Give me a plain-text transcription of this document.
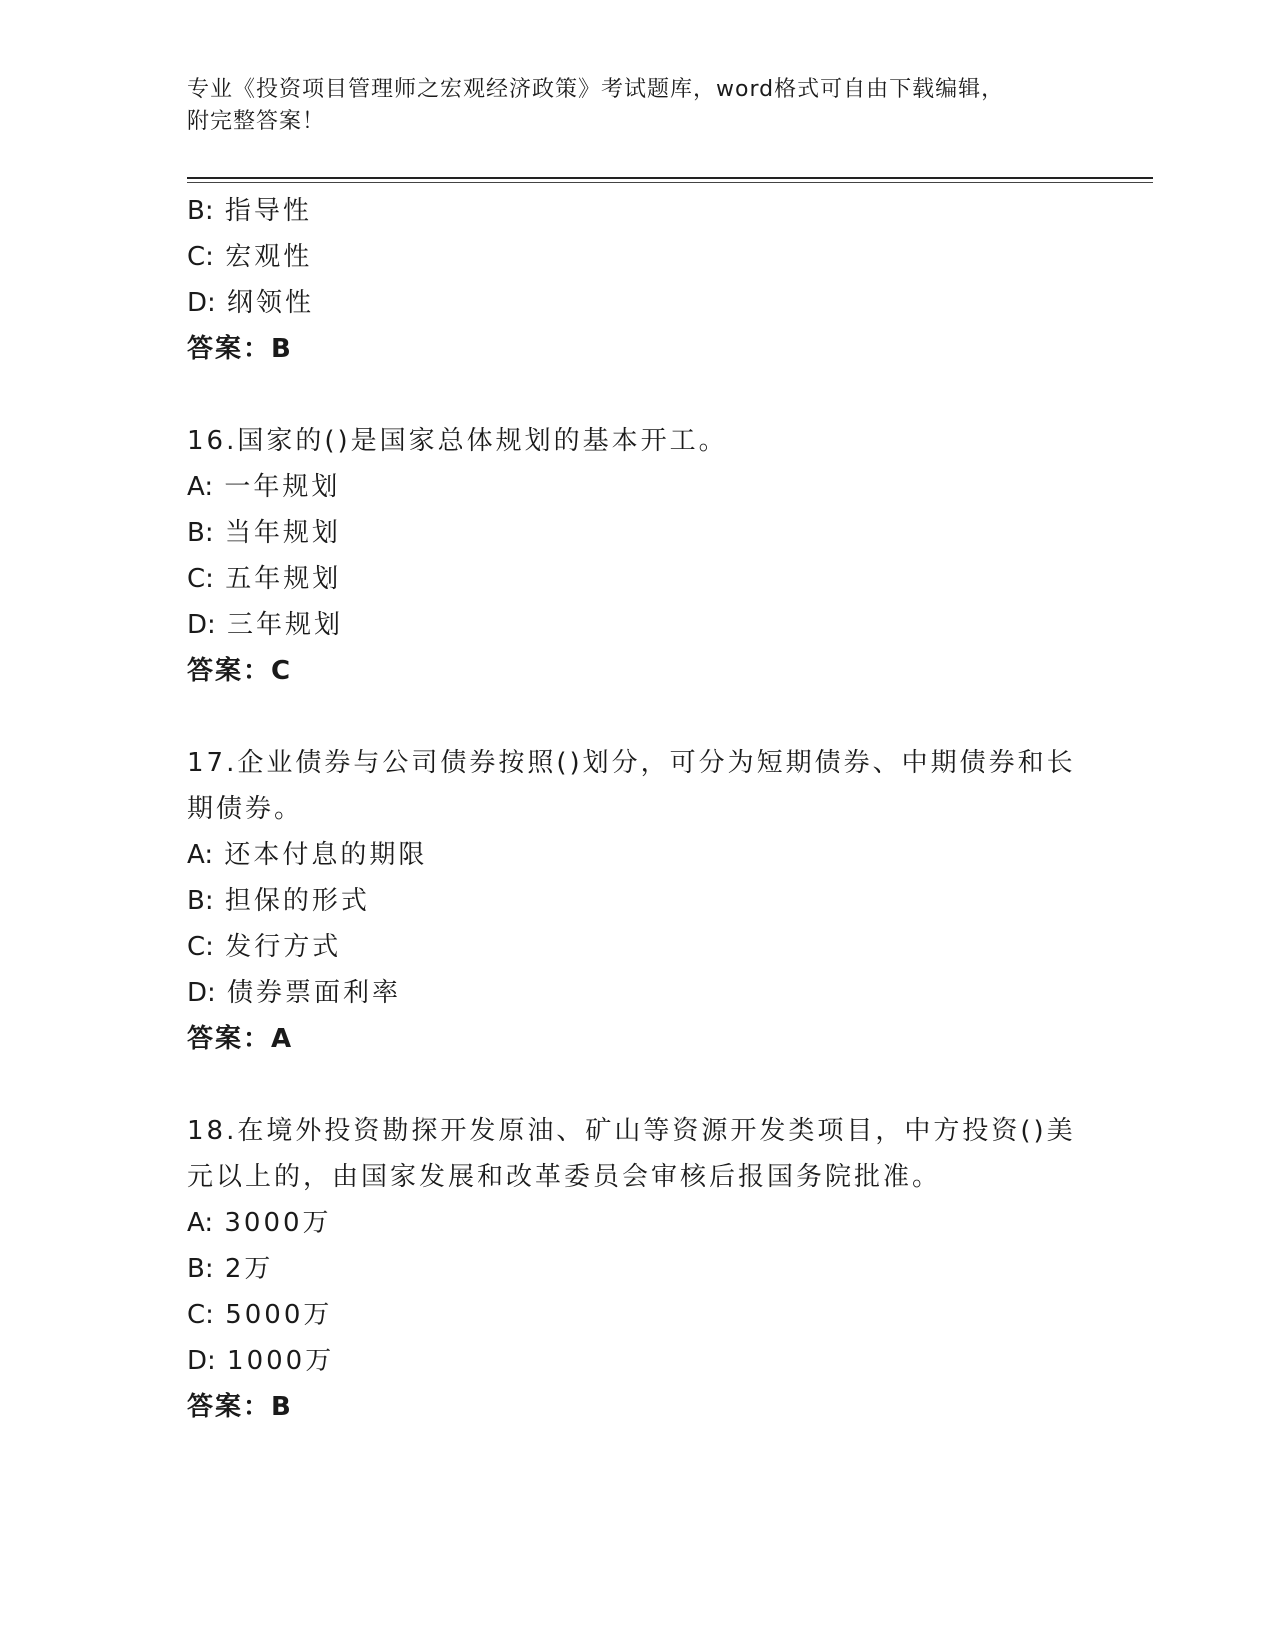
专业《投资项目管理师之宏观经济政策》考试题库，word格式可自由下载编辑，
附完整答案！
B: 指导性
C: 宏观性
D: 纲领性
答案：B
16.国家的()是国家总体规划的基本开工。
A: 一年规划
B: 当年规划
C: 五年规划
D: 三年规划
答案：C
17.企业债券与公司债券按照()划分，可分为短期债券、中期债券和长
期债券。
A: 还本付息的期限
B: 担保的形式
C: 发行方式
D: 债券票面利率
答案：A
18.在境外投资勘探开发原油、矿山等资源开发类项目，中方投资()美
元以上的，由国家发展和改革委员会审核后报国务院批准。
A: 3000万
B: 2万
C: 5000万
D: 1000万
答案：B
